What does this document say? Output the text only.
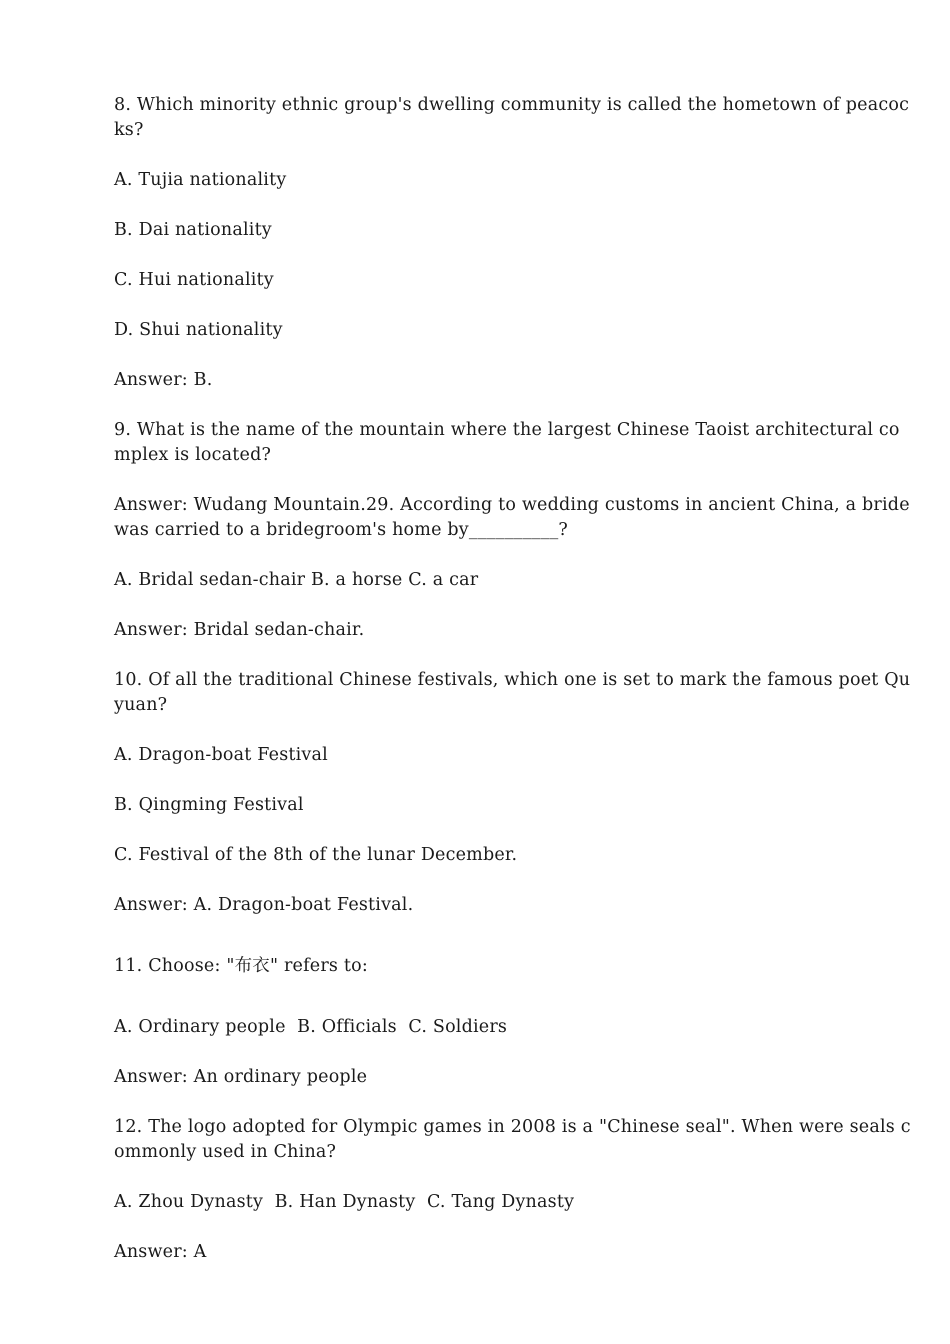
8. Which minority ethnic group's dwelling community is called the hometown of peacocks?

A. Tujia nationality

B. Dai nationality

C. Hui nationality

D. Shui nationality

Answer: B.

9. What is the name of the mountain where the largest Chinese Taoist architectural complex is located?

Answer: Wudang Mountain.29. According to wedding customs in ancient China, a bride was carried to a bridegroom's home by__________?

A. Bridal sedan-chair B. a horse C. a car

Answer: Bridal sedan-chair.

10. Of all the traditional Chinese festivals, which one is set to mark the famous poet Quyuan?

A. Dragon-boat Festival

B. Qingming Festival

C. Festival of the 8th of the lunar December.

Answer: A. Dragon-boat Festival.

11. Choose: "布衣" refers to:

A. Ordinary people  B. Officials  C. Soldiers

Answer: An ordinary people

12. The logo adopted for Olympic games in 2008 is a "Chinese seal". When were seals commonly used in China?

A. Zhou Dynasty  B. Han Dynasty  C. Tang Dynasty

Answer: A
